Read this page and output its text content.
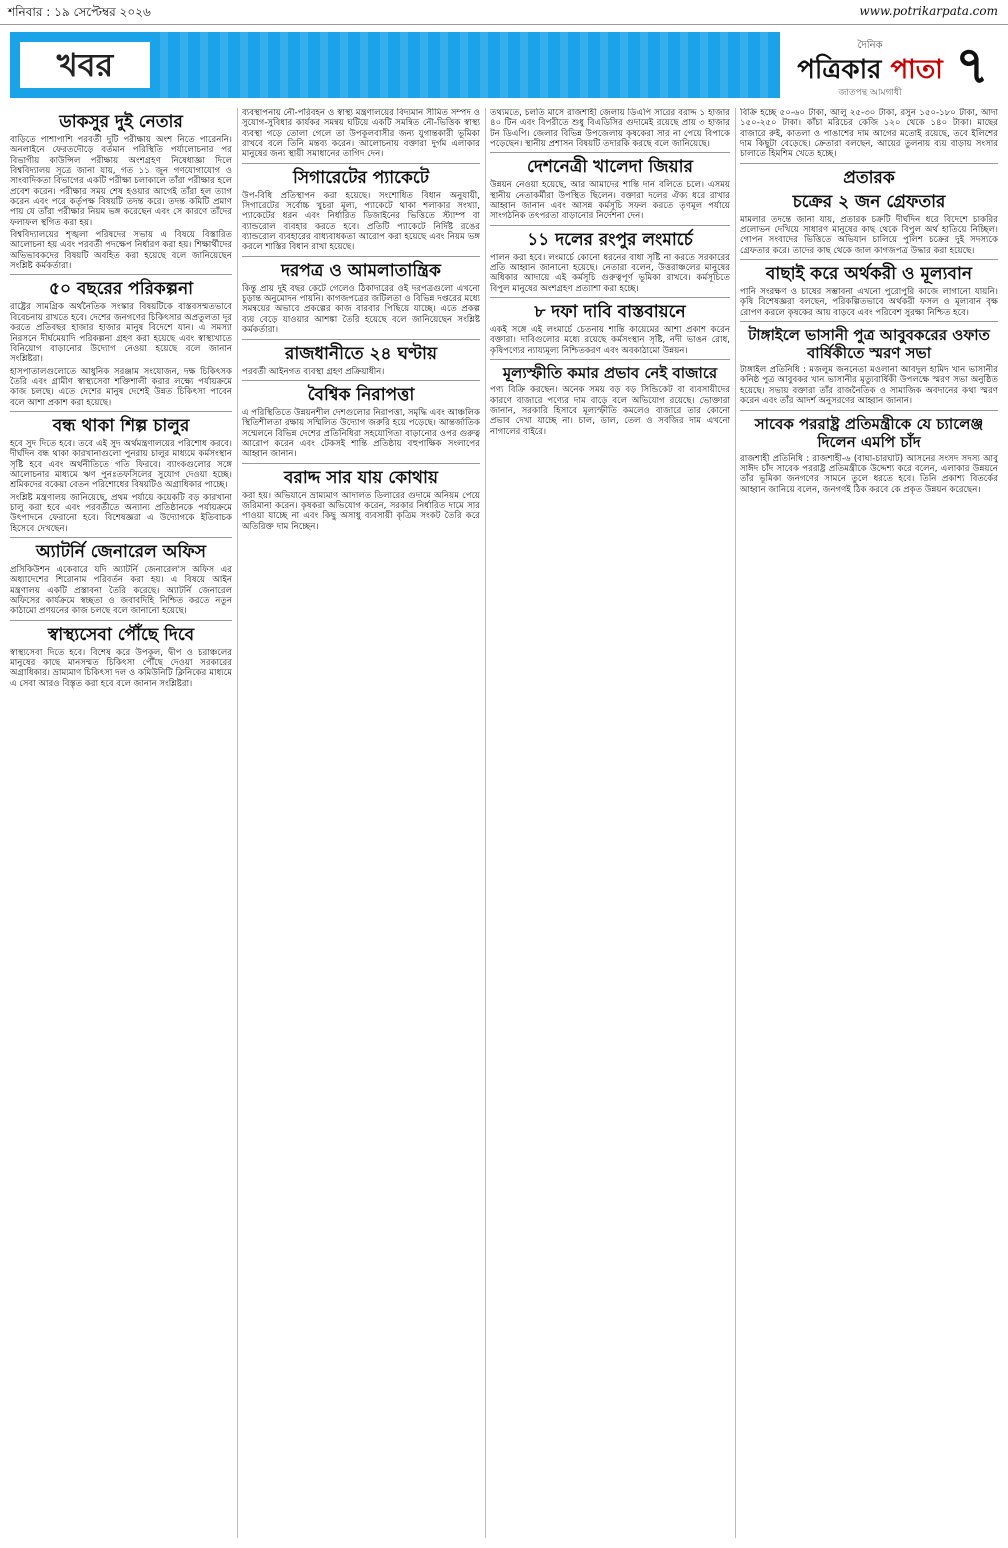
শনিবার : ১৯ সেপ্টেম্বর ২০২৬	www.potrikarpata.com
খবর
দৈনিক
পত্রিকার পাতা
জাতপন্থ আমগাধী	৭
ডাকসুর দুই নেতার

বাড়িতে পাশাপাশি পরবর্তী দুটি পরীক্ষায় অংশ নিতে পারেননি। অনলাইনে ফেরতদৌড়ে বর্তমান পরিস্থিতি পর্যালোচনার পর বিভাগীয় কাউন্সিল পরীক্ষায় অংশগ্রহণ নিষেধাজ্ঞা দিলে বিশ্ববিদ্যালয় সূত্রে জানা যায়, গত ১১ জুন গণযোগাযোগ ও সাংবাদিকতা বিভাগের একটি পরীক্ষা চলাকালে তাঁরা পরীক্ষার হলে প্রবেশ করেন। পরীক্ষার সময় শেষ হওয়ার আগেই তাঁরা হল ত্যাগ করেন এবং পরে কর্তৃপক্ষ বিষয়টি তদন্ত করে। তদন্ত কমিটি প্রমাণ পায় যে তাঁরা পরীক্ষার নিয়ম ভঙ্গ করেছেন এবং সে কারণে তাঁদের ফলাফল স্থগিত করা হয়।

বিশ্ববিদ্যালয়ের শৃঙ্খলা পরিষদের সভায় এ বিষয়ে বিস্তারিত আলোচনা হয় এবং পরবর্তী পদক্ষেপ নির্ধারণ করা হয়। শিক্ষার্থীদের অভিভাবকদের বিষয়টি অবহিত করা হয়েছে বলে জানিয়েছেন সংশ্লিষ্ট কর্মকর্তারা।

৫০ বছরের পরিকল্পনা

রাষ্ট্রের সামগ্রিক অর্থনৈতিক সংস্কার বিষয়টিকে বাস্তবসম্মতভাবে বিবেচনায় রাখতে হবে। দেশের জনগণের চিকিৎসার অপ্রতুলতা দূর করতে প্রতিবছর হাজার হাজার মানুষ বিদেশে যান। এ সমস্যা নিরসনে দীর্ঘমেয়াদি পরিকল্পনা গ্রহণ করা হয়েছে এবং স্বাস্থ্যখাতে বিনিয়োগ বাড়ানোর উদ্যোগ নেওয়া হয়েছে বলে জানান সংশ্লিষ্টরা।

হাসপাতালগুলোতে আধুনিক সরঞ্জাম সংযোজন, দক্ষ চিকিৎসক তৈরি এবং গ্রামীণ স্বাস্থ্যসেবা শক্তিশালী করার লক্ষ্যে পর্যায়ক্রমে কাজ চলছে। এতে দেশের মানুষ দেশেই উন্নত চিকিৎসা পাবেন বলে আশা প্রকাশ করা হয়েছে।

বন্ধ থাকা শিল্প চালুর

হবে সুদ দিতে হবে। তবে এই সুদ অর্থমন্ত্রণালয়ের পরিশোধ করবে। দীর্ঘদিন বন্ধ থাকা কারখানাগুলো পুনরায় চালুর মাধ্যমে কর্মসংস্থান সৃষ্টি হবে এবং অর্থনীতিতে গতি ফিরবে। ব্যাংকগুলোর সঙ্গে আলোচনার মাধ্যমে ঋণ পুনঃতফসিলের সুযোগ দেওয়া হচ্ছে। শ্রমিকদের বকেয়া বেতন পরিশোধের বিষয়টিও অগ্রাধিকার পাচ্ছে।

সংশ্লিষ্ট মন্ত্রণালয় জানিয়েছে, প্রথম পর্যায়ে কয়েকটি বড় কারখানা চালু করা হবে এবং পরবর্তীতে অন্যান্য প্রতিষ্ঠানকে পর্যায়ক্রমে উৎপাদনে ফেরানো হবে। বিশেষজ্ঞরা এ উদ্যোগকে ইতিবাচক হিসেবে দেখছেন।

অ্যাটর্নি জেনারেল অফিস

প্রসিকিউশন একেবারে যদি অ্যাটর্নি জেনারেল'স অফিস এর অধ্যাদেশের শিরোনাম পরিবর্তন করা হয়। এ বিষয়ে আইন মন্ত্রণালয় একটি প্রস্তাবনা তৈরি করেছে। অ্যাটর্নি জেনারেল অফিসের কার্যক্রমে স্বচ্ছতা ও জবাবদিহি নিশ্চিত করতে নতুন কাঠামো প্রণয়নের কাজ চলছে বলে জানানো হয়েছে।

স্বাস্থ্যসেবা পৌঁছে দিবে

স্বাস্থ্যসেবা দিতে হবে। বিশেষ করে উপকূল, দ্বীপ ও চরাঞ্চলের মানুষের কাছে মানসম্মত চিকিৎসা পৌঁছে দেওয়া সরকারের অগ্রাধিকার। ভ্রাম্যমাণ চিকিৎসা দল ও কমিউনিটি ক্লিনিকের মাধ্যমে এ সেবা আরও বিস্তৃত করা হবে বলে জানান সংশ্লিষ্টরা।

ব্যবস্থাপনায় নৌ-পরিবহন ও স্বাস্থ্য মন্ত্রণালয়ের বিদ্যমান সীমিত সম্পদ ও সুযোগ-সুবিধার কার্যকর সমন্বয় ঘটিয়ে একটি সমন্বিত নৌ-ভিত্তিক স্বাস্থ্য ব্যবস্থা গড়ে তোলা গেলে তা উপকূলবাসীর জন্য যুগান্তকারী ভূমিকা রাখবে বলে তিনি মন্তব্য করেন। আলোচনায় বক্তারা দুর্গম এলাকার মানুষের জন্য স্থায়ী সমাধানের তাগিদ দেন।

সিগারেটের প্যাকেটে

উপ-বিধি প্রতিস্থাপন করা হয়েছে। সংশোধিত বিধান অনুযায়ী, সিগারেটের সর্বোচ্চ খুচরা মূল্য, প্যাকেটে থাকা শলাকার সংখ্যা, প্যাকেটের ধরন এবং নির্ধারিত ডিজাইনের ভিত্তিতে স্ট্যাম্প বা ব্যান্ডরোল ব্যবহার করতে হবে। প্রতিটি প্যাকেটে নির্দিষ্ট রঙের ব্যান্ডরোল ব্যবহারের বাধ্যবাধকতা আরোপ করা হয়েছে এবং নিয়ম ভঙ্গ করলে শাস্তির বিধান রাখা হয়েছে।

দরপত্র ও আমলাতান্ত্রিক

কিন্তু প্রায় দুই বছর কেটে গেলেও ঠিকাদারের ওই দরপত্রগুলো এখনো চূড়ান্ত অনুমোদন পায়নি। কাগজপত্রের জটিলতা ও বিভিন্ন দপ্তরের মধ্যে সমন্বয়ের অভাবে প্রকল্পের কাজ বারবার পিছিয়ে যাচ্ছে। এতে প্রকল্প ব্যয় বেড়ে যাওয়ার আশঙ্কা তৈরি হয়েছে বলে জানিয়েছেন সংশ্লিষ্ট কর্মকর্তারা।

রাজধানীতে ২৪ ঘণ্টায়

পরবর্তী আইনগত ব্যবস্থা গ্রহণ প্রক্রিয়াধীন।

বৈশ্বিক নিরাপত্তা

এ পরিস্থিতিতে উন্নয়নশীল দেশগুলোর নিরাপত্তা, সমৃদ্ধি এবং আঞ্চলিক স্থিতিশীলতা রক্ষায় সম্মিলিত উদ্যোগ জরুরি হয়ে পড়েছে। আন্তর্জাতিক সম্মেলনে বিভিন্ন দেশের প্রতিনিধিরা সহযোগিতা বাড়ানোর ওপর গুরুত্ব আরোপ করেন এবং টেকসই শান্তি প্রতিষ্ঠায় বহুপাক্ষিক সংলাপের আহ্বান জানান।

বরাদ্দ সার যায় কোথায়

করা হয়। অভিযানে ভ্রাম্যমাণ আদালত ডিলারের গুদামে অনিয়ম পেয়ে জরিমানা করেন। কৃষকরা অভিযোগ করেন, সরকার নির্ধারিত দামে সার পাওয়া যাচ্ছে না এবং কিছু অসাধু ব্যবসায়ী কৃত্রিম সংকট তৈরি করে অতিরিক্ত দাম নিচ্ছেন।

তথ্যমতে, চলতি মাসে রাজশাহী জেলায় ডিএপি সারের বরাদ্দ ১ হাজার ৪০ টিন এবং বিপরীতে শুধু বিএডিসির গুদামেই রয়েছে প্রায় ৩ হাজার টন ডিএপি। জেলার বিভিন্ন উপজেলায় কৃষকেরা সার না পেয়ে বিপাকে পড়েছেন। স্থানীয় প্রশাসন বিষয়টি তদারকি করছে বলে জানিয়েছে।

দেশনেত্রী খালেদা জিয়ার

উন্নয়ন নেওয়া হয়েছে, আর আমাদের শান্তি দান বলিতে চলে। এসময় স্থানীয় নেতাকর্মীরা উপস্থিত ছিলেন। বক্তারা দলের ঐক্য ধরে রাখার আহ্বান জানান এবং আসন্ন কর্মসূচি সফল করতে তৃণমূল পর্যায়ে সাংগঠনিক তৎপরতা বাড়ানোর নির্দেশনা দেন।

১১ দলের রংপুর লংমার্চে

পালন করা হবে। লংমার্চে কোনো ধরনের বাধা সৃষ্টি না করতে সরকারের প্রতি আহ্বান জানানো হয়েছে। নেতারা বলেন, উত্তরাঞ্চলের মানুষের অধিকার আদায়ে এই কর্মসূচি গুরুত্বপূর্ণ ভূমিকা রাখবে। কর্মসূচিতে বিপুল মানুষের অংশগ্রহণ প্রত্যাশা করা হচ্ছে।

৮ দফা দাবি বাস্তবায়নে

একই সঙ্গে এই লংমার্চে চেতনায় শান্তি কায়েমের আশা প্রকাশ করেন বক্তারা। দাবিগুলোর মধ্যে রয়েছে কর্মসংস্থান সৃষ্টি, নদী ভাঙন রোধ, কৃষিপণ্যের ন্যায্যমূল্য নিশ্চিতকরণ এবং অবকাঠামো উন্নয়ন।

মূল্যস্ফীতি কমার প্রভাব নেই বাজারে

পণ্য বিক্রি করছেন। অনেক সময় বড় বড় সিন্ডিকেট বা ব্যবসায়ীদের কারণে বাজারে পণ্যের দাম বাড়ে বলে অভিযোগ রয়েছে। ভোক্তারা জানান, সরকারি হিসাবে মূল্যস্ফীতি কমলেও বাজারে তার কোনো প্রভাব দেখা যাচ্ছে না। চাল, ডাল, তেল ও সবজির দাম এখনো নাগালের বাইরে।

বিক্রি হচ্ছে ৫০-৬০ টাকা, আলু ২৫-৩০ টাকা, রসুন ১৫০-১৮০ টাকা, আদা ১৫০-২৫০ টাকা। কাঁচা মরিচের কেজি ১২০ থেকে ১৪০ টাকা। মাছের বাজারে রুই, কাতলা ও পাঙাশের দাম আগের মতোই রয়েছে, তবে ইলিশের দাম কিছুটা বেড়েছে। ক্রেতারা বলছেন, আয়ের তুলনায় ব্যয় বাড়ায় সংসার চালাতে হিমশিম খেতে হচ্ছে।

প্রতারক
চক্রের ২ জন গ্রেফতার

মামলার তদন্তে জানা যায়, প্রতারক চক্রটি দীর্ঘদিন ধরে বিদেশে চাকরির প্রলোভন দেখিয়ে সাধারণ মানুষের কাছ থেকে বিপুল অর্থ হাতিয়ে নিচ্ছিল। গোপন সংবাদের ভিত্তিতে অভিযান চালিয়ে পুলিশ চক্রের দুই সদস্যকে গ্রেফতার করে। তাদের কাছ থেকে জাল কাগজপত্র উদ্ধার করা হয়েছে।

বাছাই করে অর্থকরী ও মূল্যবান

পানি সংরক্ষণ ও চাষের সম্ভাবনা এখনো পুরোপুরি কাজে লাগানো যায়নি। কৃষি বিশেষজ্ঞরা বলছেন, পরিকল্পিতভাবে অর্থকরী ফসল ও মূল্যবান বৃক্ষ রোপণ করলে কৃষকের আয় বাড়বে এবং পরিবেশ সুরক্ষা নিশ্চিত হবে।

টাঙ্গাইলে ভাসানী পুত্র আবুবকরের ওফাত বার্ষিকীতে স্মরণ সভা

টাঙ্গাইল প্রতিনিধি : মজলুম জননেতা মওলানা আবদুল হামিদ খান ভাসানীর কনিষ্ঠ পুত্র আবুবকর খান ভাসানীর মৃত্যুবার্ষিকী উপলক্ষে স্মরণ সভা অনুষ্ঠিত হয়েছে। সভায় বক্তারা তাঁর রাজনৈতিক ও সামাজিক অবদানের কথা স্মরণ করেন এবং তাঁর আদর্শ অনুসরণের আহ্বান জানান।

সাবেক পররাষ্ট্র প্রতিমন্ত্রীকে যে চ্যালেঞ্জ দিলেন এমপি চাঁদ

রাজশাহী প্রতিনিধি : রাজশাহী-৬ (বাঘা-চারঘাট) আসনের সংসদ সদস্য আবু সাঈদ চাঁদ সাবেক পররাষ্ট্র প্রতিমন্ত্রীকে উদ্দেশ্য করে বলেন, এলাকার উন্নয়নে তাঁর ভূমিকা জনগণের সামনে তুলে ধরতে হবে। তিনি প্রকাশ্য বিতর্কের আহ্বান জানিয়ে বলেন, জনগণই ঠিক করবে কে প্রকৃত উন্নয়ন করেছেন।
